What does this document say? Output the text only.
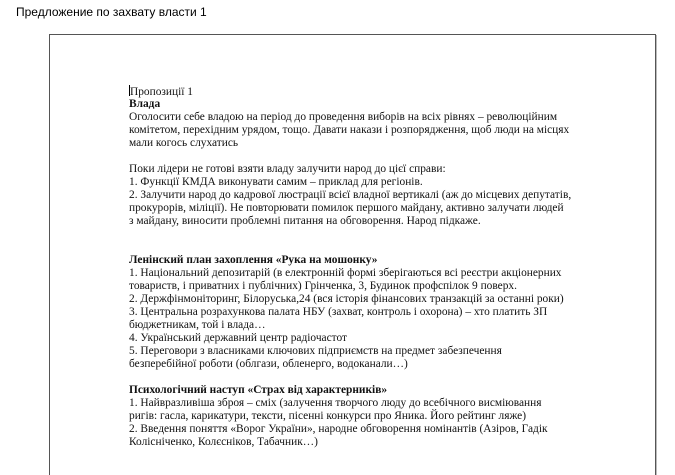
Предложение по захвату власти 1
Пропозиції 1
Влада
Оголосити себе владою на період до проведення виборів на всіх рівнях – революційним
комітетом, перехідним урядом, тощо. Давати накази і розпорядження, щоб люди на місцях
мали когось слухатись
Поки лідери не готові взяти владу залучити народ до цієї справи:
1. Функції КМДА виконувати самим – приклад для регіонів.
2. Залучити народ до кадрової люстрації всієї владної вертикалі (аж до місцевих депутатів,
прокурорів, міліції). Не повторювати помилок першого майдану, активно залучати людей
з майдану, виносити проблемні питання на обговорення. Народ підкаже.
Ленінский план захоплення «Рука на мошонку»
1. Національний депозитарій (в електронній формі зберігаються всі реєстри акціонерних
товариств, і приватних і публічних) Грінченка, 3, Будинок профспілок 9 поверх.
2. Держфінмоніторинг, Білоруська,24 (вся історія фінансових транзакцій за останні роки)
3. Центральна розрахункова палата НБУ (захват, контроль і охорона) – хто платить ЗП
бюджетникам, той і влада…
4. Український державний центр радіочастот
5. Переговори з власниками ключових підприємств на предмет забезпечення
безперебійної роботи (облгази, обленерго, водоканали…)
Психологічний наступ «Страх від характерників»
1. Найвразливіша зброя – сміх (залучення творчого люду до всебічного висміювання
ригів: гасла, карикатури, тексти, пісенні конкурси про Яника. Його рейтинг ляже)
2. Введення поняття «Ворог України», народне обговорення номінантів (Азіров, Гадік
Колісніченко, Колєсніков, Табачник…)
